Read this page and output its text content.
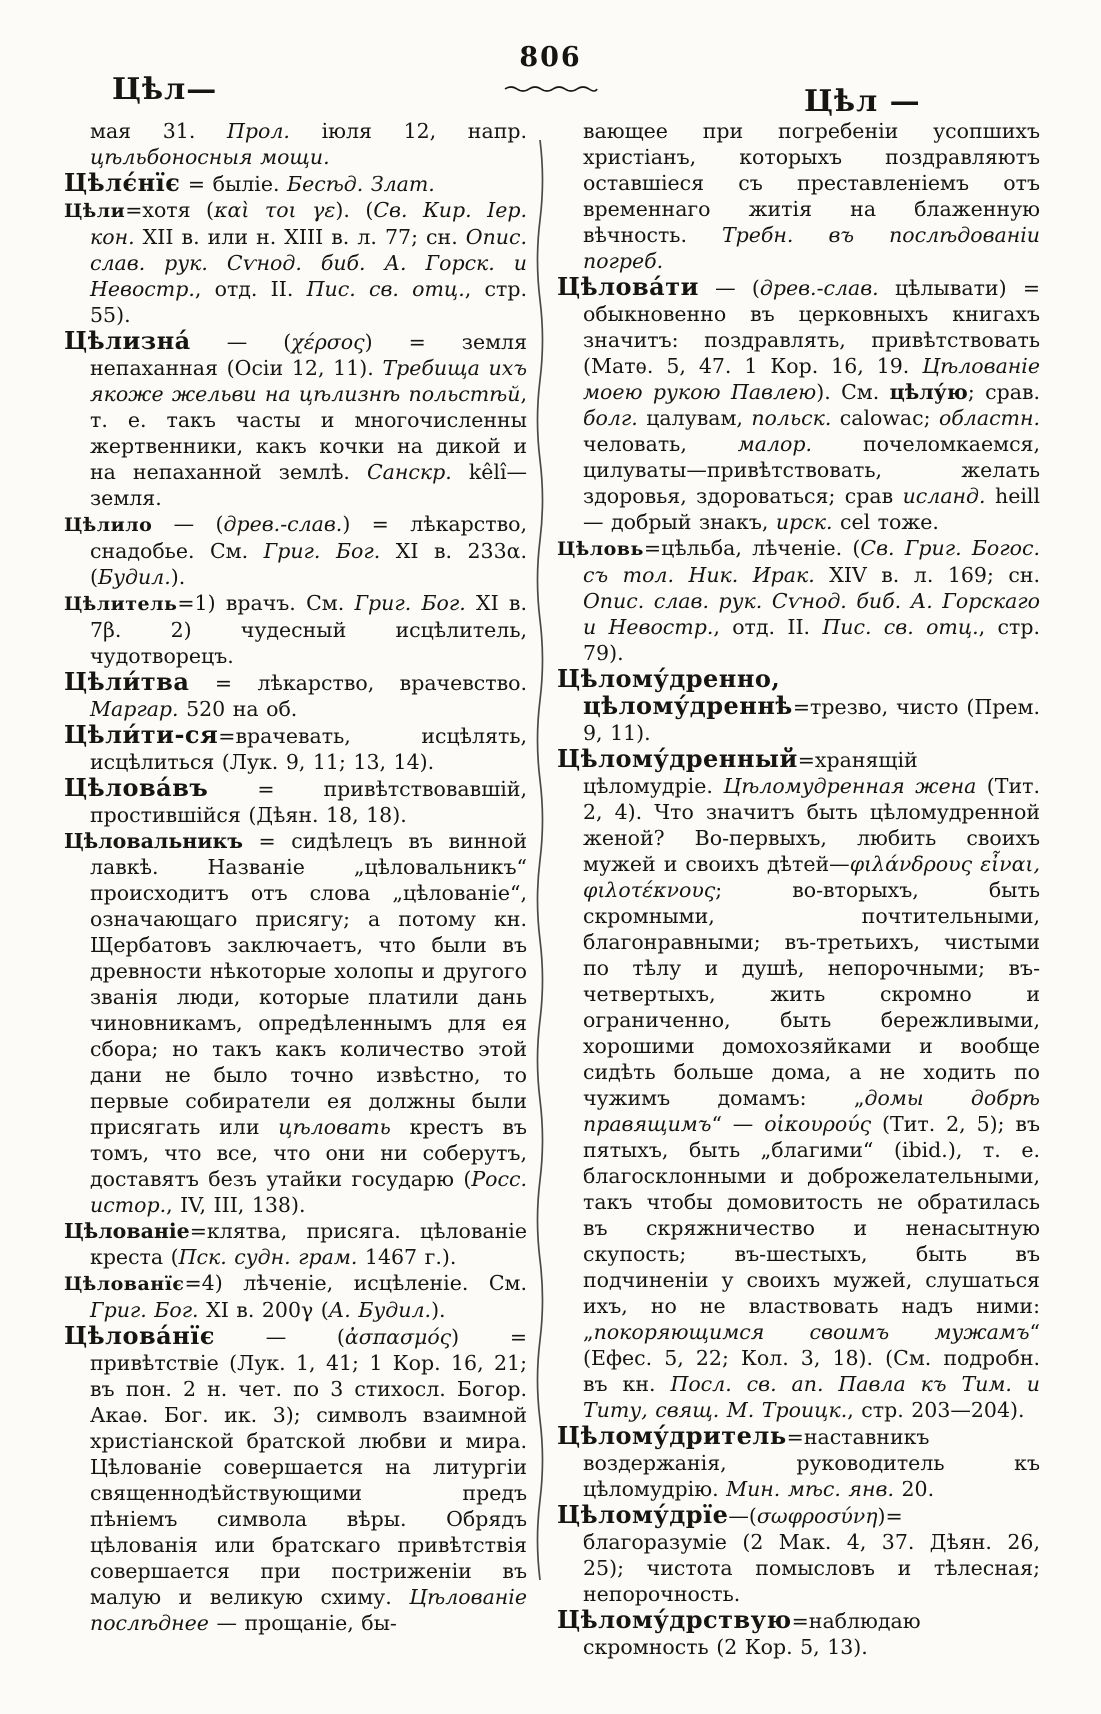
806
Цѣл—	Цѣл —

мая 31. Прол. іюля 12, напр. цѣльбоносныя мощи.

Цѣлє́нїє = быліе. Бесѣд. Злат.

Цѣли=хотя (καὶ τοι γε). (Св. Кир. Іер. кон. XII в. или н. XIII в. л. 77; сн. Опис. слав. рук. Сѵнод. биб. А. Горск. и Невостр., отд. II. Пис. св. отц., стр. 55).

Цѣлизна́ — (χέρσος) = земля непаханная (Осіи 12, 11). Требища ихъ якоже жельви на цѣлизнѣ польстѣй, т. е. такъ часты и многочисленны жертвенники, какъ кочки на дикой и на непаханной землѣ. Санскр. kêlî—земля.

Цѣлило — (древ.-слав.) = лѣкарство, снадобье. См. Григ. Бог. XI в. 233α. (Будил.).

Цѣлитель=1) врачъ. См. Григ. Бог. XI в. 7β. 2) чудесный исцѣлитель, чудотворецъ.

Цѣли́тва = лѣкарство, врачевство. Маргар. 520 на об.

Цѣли́ти-ся=врачевать, исцѣлять, исцѣлиться (Лук. 9, 11; 13, 14).

Цѣлова́въ = привѣтствовавшій, простившійся (Дѣян. 18, 18).

Цѣловальникъ = сидѣлецъ въ винной лавкѣ. Названіе „цѣловальникъ“ происходитъ отъ слова „цѣлованіе“, означающаго присягу; а потому кн. Щербатовъ заключаетъ, что были въ древности нѣкоторые холопы и другого званія люди, которые платили дань чиновникамъ, опредѣленнымъ для ея сбора; но такъ какъ количество этой дани не было точно извѣстно, то первые собиратели ея должны были присягать или цѣловать крестъ въ томъ, что все, что они ни соберутъ, доставятъ безъ утайки государю (Росс. истор., IV, III, 138).

Цѣлованіе=клятва, присяга. цѣлованіе креста (Пск. судн. грам. 1467 г.).

Цѣлованїє=4) лѣченіе, исцѣленіе. См. Григ. Бог. XI в. 200γ (А. Будил.).

Цѣлова́нїє — (ἀσπασμός) = привѣтствіе (Лук. 1, 41; 1 Кор. 16, 21; въ пон. 2 н. чет. по 3 стихосл. Богор. Акаѳ. Бог. ик. 3); символъ взаимной христіанской братской любви и мира. Цѣлованіе совершается на литургіи священнодѣйствующими предъ пѣніемъ символа вѣры. Обрядъ цѣлованія или братскаго привѣтствія совершается при постриженіи въ малую и великую схиму. Цѣлованіе послѣднее — прощаніе, бы-

вающее при погребеніи усопшихъ христіанъ, которыхъ поздравляютъ оставшіеся съ преставленіемъ отъ временнаго житія на блаженную вѣчность. Требн. въ послѣдованіи погреб.

Цѣлова́ти — (древ.-слав. цѣлывати) = обыкновенно въ церковныхъ книгахъ значитъ: поздравлять, привѣтствовать (Матѳ. 5, 47. 1 Кор. 16, 19. Цѣлованіе моею рукою Павлею). См. цѣлу́ю; срав. болг. цалувам, польск. calowac; областн. человать, малор. почеломкаемся, цилуваты—привѣтствовать, желать здоровья, здороваться; срав исланд. heill — добрый знакъ, ирск. cel тоже.

Цѣловь=цѣльба, лѣченіе. (Св. Григ. Богос. съ тол. Ник. Ирак. XIV в. л. 169; сн. Опис. слав. рук. Сѵнод. биб. А. Горскаго и Невостр., отд. II. Пис. св. отц., стр. 79).

Цѣлому́дренно, цѣлому́дреннѣ=трезво, чисто (Прем. 9, 11).

Цѣлому́дренный=хранящій цѣломудріе. Цѣломудренная жена (Тит. 2, 4). Что значитъ быть цѣломудренной женой? Во-первыхъ, любить своихъ мужей и своихъ дѣтей—φιλάνδρους εἶναι, φιλοτέκνους; во-вторыхъ, быть скромными, почтительными, благонравными; въ-третьихъ, чистыми по тѣлу и душѣ, непорочными; въ-четвертыхъ, жить скромно и ограниченно, быть бережливыми, хорошими домохозяйками и вообще сидѣть больше дома, а не ходить по чужимъ домамъ: „домы добрѣ правящимъ“ — οἰκουρούς (Тит. 2, 5); въ пятыхъ, быть „благими“ (ibid.), т. е. благосклонными и доброжелательными, такъ чтобы домовитость не обратилась въ скряжничество и ненасытную скупость; въ-шестыхъ, быть въ подчиненіи у своихъ мужей, слушаться ихъ, но не властвовать надъ ними: „покоряющимся своимъ мужамъ“ (Ефес. 5, 22; Кол. 3, 18). (См. подробн. въ кн. Посл. св. ап. Павла къ Тим. и Титу, свящ. М. Троицк., стр. 203—204).

Цѣлому́дритель=наставникъ воздержанія, руководитель къ цѣломудрію. Мин. мѣс. янв. 20.

Цѣлому́дрїе—(σωφροσύνη)= благоразуміе (2 Мак. 4, 37. Дѣян. 26, 25); чистота помысловъ и тѣлесная; непорочность.

Цѣлому́дрствую=наблюдаю скромность (2 Кор. 5, 13).
